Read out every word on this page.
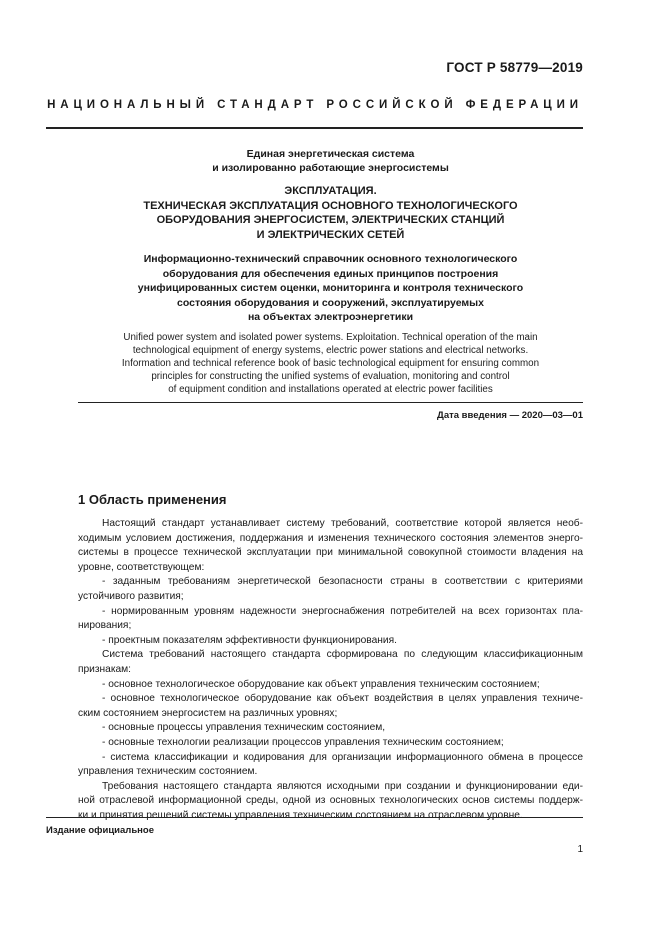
ГОСТ Р 58779—2019
НАЦИОНАЛЬНЫЙ СТАНДАРТ РОССИЙСКОЙ ФЕДЕРАЦИИ
Единая энергетическая система
и изолированно работающие энергосистемы
ЭКСПЛУАТАЦИЯ.
ТЕХНИЧЕСКАЯ ЭКСПЛУАТАЦИЯ ОСНОВНОГО ТЕХНОЛОГИЧЕСКОГО
ОБОРУДОВАНИЯ ЭНЕРГОСИСТЕМ, ЭЛЕКТРИЧЕСКИХ СТАНЦИЙ
И ЭЛЕКТРИЧЕСКИХ СЕТЕЙ
Информационно-технический справочник основного технологического
оборудования для обеспечения единых принципов построения
унифицированных систем оценки, мониторинга и контроля технического
состояния оборудования и сооружений, эксплуатируемых
на объектах электроэнергетики
Unified power system and isolated power systems. Exploitation. Technical operation of the main
technological equipment of energy systems, electric power stations and electrical networks.
Information and technical reference book of basic technological equipment for ensuring common
principles for constructing the unified systems of evaluation, monitoring and control
of equipment condition and installations operated at electric power facilities
Дата введения — 2020—03—01
1 Область применения
Настоящий стандарт устанавливает систему требований, соответствие которой является необ-
ходимым условием достижения, поддержания и изменения технического состояния элементов энерго-
системы в процессе технической эксплуатации при минимальной совокупной стоимости владения на
уровне, соответствующем:
- заданным требованиям энергетической безопасности страны в соответствии с критериями
устойчивого развития;
- нормированным уровням надежности энергоснабжения потребителей на всех горизонтах пла-
нирования;
- проектным показателям эффективности функционирования.
Система требований настоящего стандарта сформирована по следующим классификационным
признакам:
- основное технологическое оборудование как объект управления техническим состоянием;
- основное технологическое оборудование как объект воздействия в целях управления техниче-
ским состоянием энергосистем на различных уровнях;
- основные процессы управления техническим состоянием,
- основные технологии реализации процессов управления техническим состоянием;
- система классификации и кодирования для организации информационного обмена в процессе
управления техническим состоянием.
Требования настоящего стандарта являются исходными при создании и функционировании еди-
ной отраслевой информационной среды, одной из основных технологических основ системы поддерж-
ки и принятия решений системы управления техническим состоянием на отраслевом уровне.
Издание официальное
1
